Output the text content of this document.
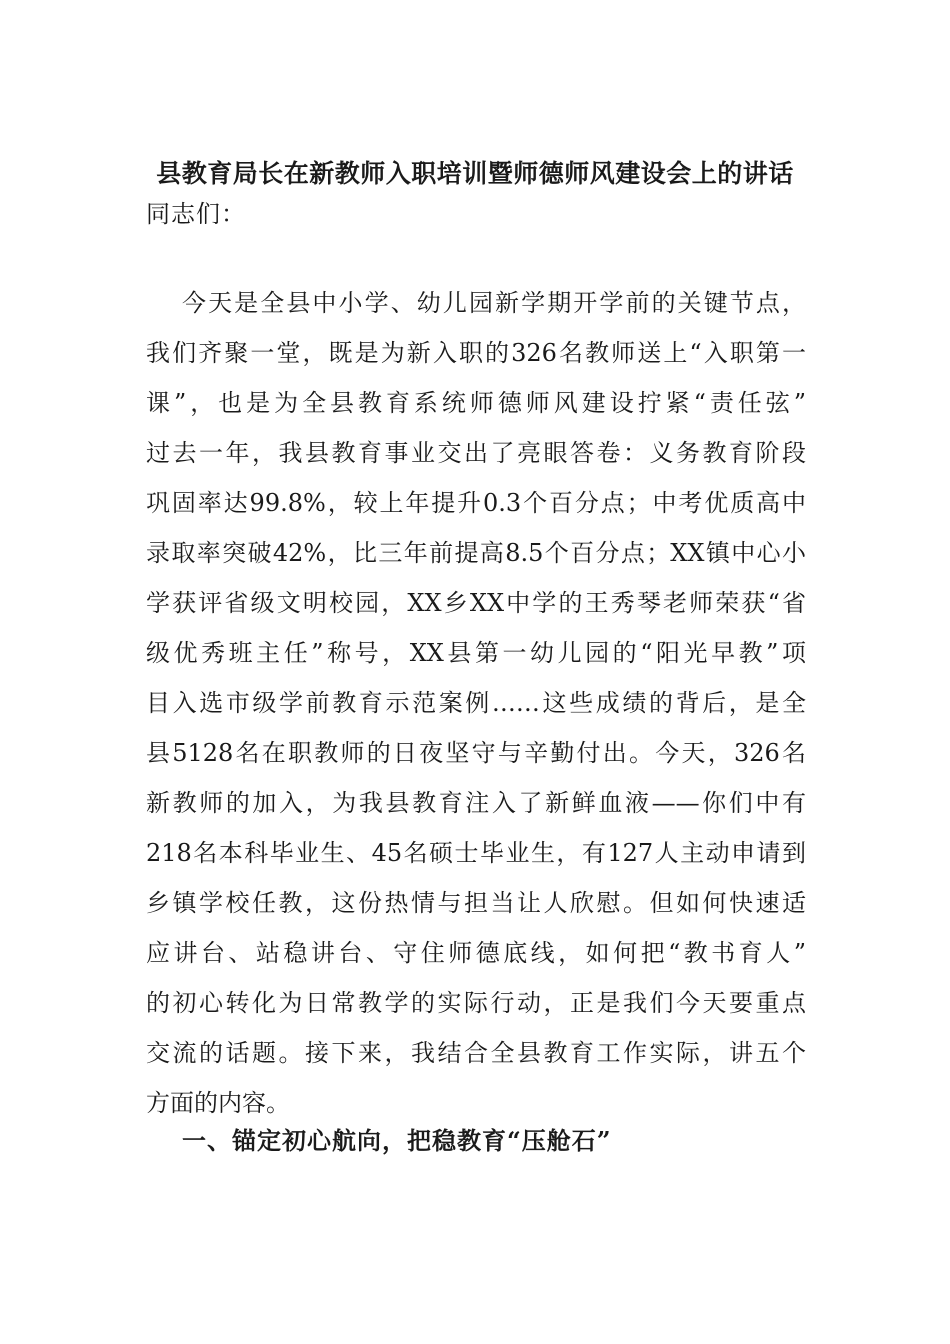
县教育局长在新教师入职培训暨师德师风建设会上的讲话
同志们：
今天是全县中小学、幼儿园新学期开学前的关键节点，
我们齐聚一堂，既是为新入职的326名教师送上“入职第一
课”，也是为全县教育系统师德师风建设拧紧“责任弦”
过去一年，我县教育事业交出了亮眼答卷：义务教育阶段
巩固率达99.8%，较上年提升0.3个百分点；中考优质高中
录取率突破42%，比三年前提高8.5个百分点；XX镇中心小
学获评省级文明校园，XX乡XX中学的王秀琴老师荣获“省
级优秀班主任”称号，XX县第一幼儿园的“阳光早教”项
目入选市级学前教育示范案例……这些成绩的背后，是全
县5128名在职教师的日夜坚守与辛勤付出。今天，326名
新教师的加入，为我县教育注入了新鲜血液——你们中有
218名本科毕业生、45名硕士毕业生，有127人主动申请到
乡镇学校任教，这份热情与担当让人欣慰。但如何快速适
应讲台、站稳讲台、守住师德底线，如何把“教书育人”
的初心转化为日常教学的实际行动，正是我们今天要重点
交流的话题。接下来，我结合全县教育工作实际，讲五个
方面的内容。
一、锚定初心航向，把稳教育“压舱石”
